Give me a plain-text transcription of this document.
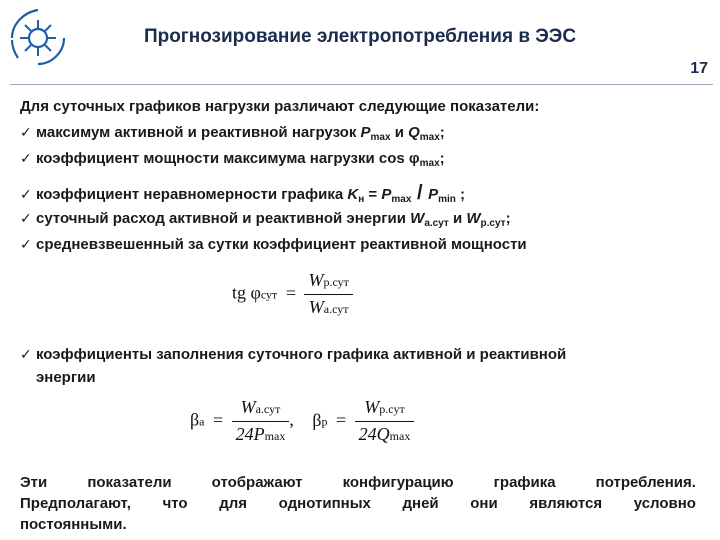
Прогнозирование электропотребления в ЭЭС
17
Для суточных графиков нагрузки различают следующие показатели:
✓ максимум активной и реактивной нагрузок $P_{max}$ и $Q_{max}$;
✓ коэффициент мощности максимума нагрузки $\cos \varphi_{max}$;
✓ коэффициент неравномерности графика $K_н = P_{max} / P_{min}$ ;
✓ суточный расход активной и реактивной энергии $W_{а.сут}$ и $W_{р.сут}$;
✓ средневзвешенный за сутки коэффициент реактивной мощности
tg $\varphi сут = \frac{\text{Wр.сут}}{\text{Wа.сут}}$
✓ коэффициенты заполнения суточного графика активной и реактивной
энергии
$\beta а = \frac{\text{Wа.сут}}{24Pmax}$ , $\beta р = \frac{\text{Wр.сут}}{24Qmax}$
Эти	показатели	отображают	конфигурацию	графика	потребления.
Предполагают, что для однотипных дней они являются условно
постоянными.
